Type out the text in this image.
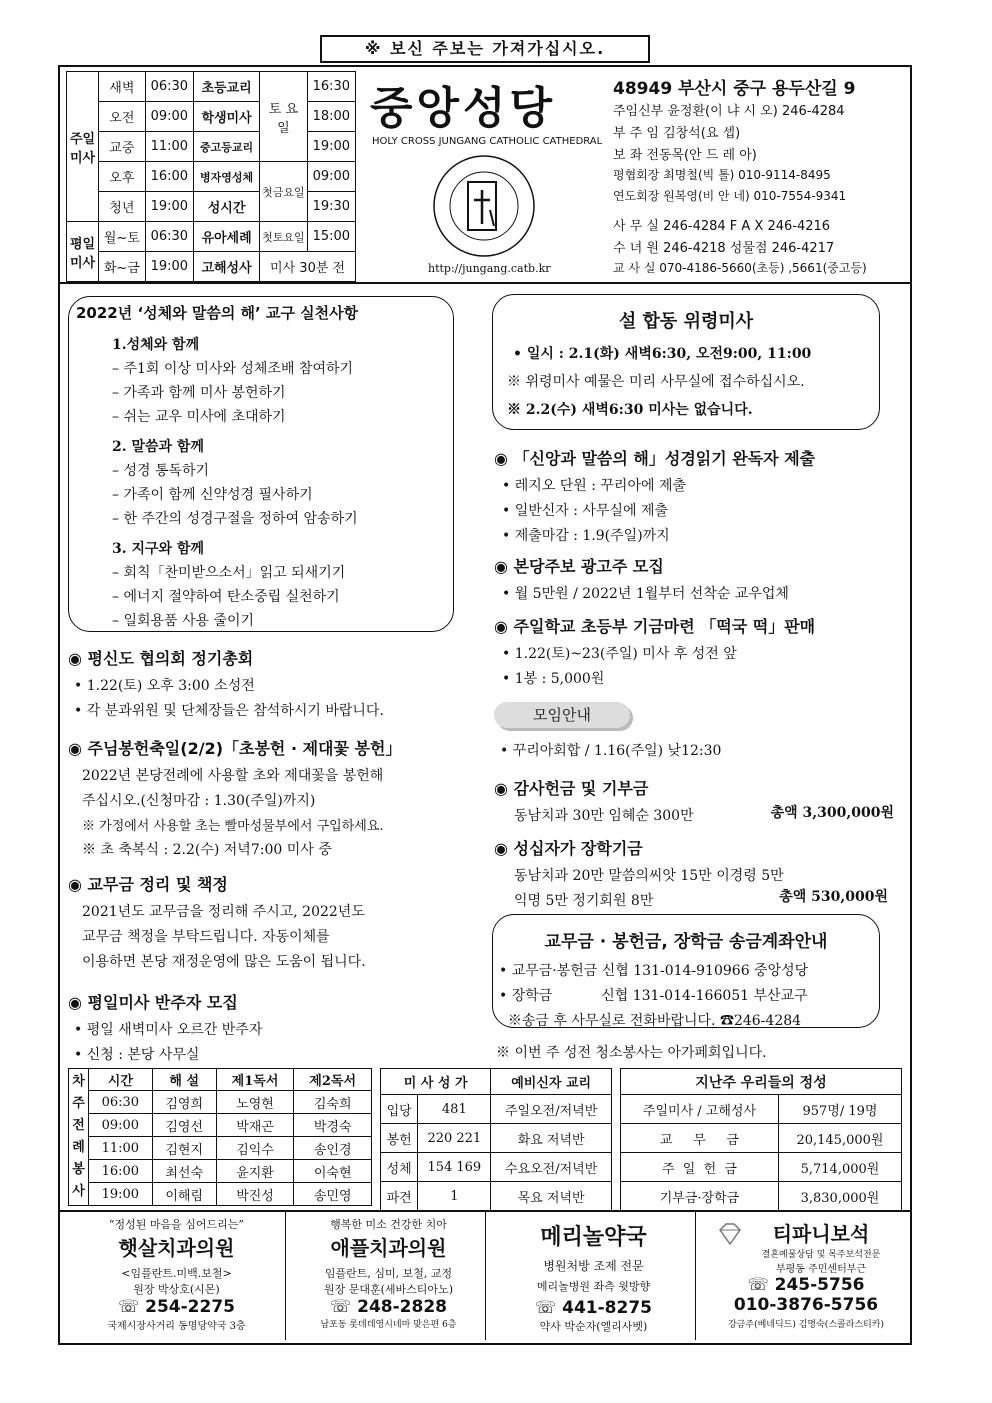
※ 보신 주보는 가져가십시오.
주일 미사	새벽	06:30	초등교리	토 요 일	16:30
	오전	09:00	학생미사		18:00
	교중	11:00	중고등교리		19:00
	오후	16:00	병자영성체	첫금요일	09:00
	청년	19:00	성시간		19:30
평일 미사	월~토	06:30	유아세례	첫토요일	15:00
	화~금	19:00	고해성사	미사 30분 전	
중앙성당
HOLY CROSS JUNGANG CATHOLIC CATHEDRAL
http://jungang.catb.kr
48949 부산시 중구 용두산길 9
주임신부 윤정환(이 냐 시 오) 246-4284
부 주 임 김창석(요 셉)
보 좌 전동목(안 드 레 아)
평협회장 최명철(빅 톨) 010-9114-8495
연도회장 원복영(비 안 네) 010-7554-9341
사 무 실 246-4284 F A X 246-4216
수 녀 원 246-4218 성물점 246-4217
교 사 실 070-4186-5660(초등) ,5661(중고등)
2022년 ‘성체와 말씀의 해’ 교구 실천사항
1.성체와 함께
– 주1회 이상 미사와 성체조배 참여하기
– 가족과 함께 미사 봉헌하기
– 쉬는 교우 미사에 초대하기
2. 말씀과 함께
– 성경 통독하기
– 가족이 함께 신약성경 필사하기
– 한 주간의 성경구절을 정하여 암송하기
3. 지구와 함께
– 회칙「찬미받으소서」읽고 되새기기
– 에너지 절약하여 탄소중립 실천하기
– 일회용품 사용 줄이기
◉ 평신도 협의회 정기총회
• 1.22(토) 오후 3:00 소성전
• 각 분과위원 및 단체장들은 참석하시기 바랍니다.
◉ 주님봉헌축일(2/2)「초봉헌 · 제대꽃 봉헌」
2022년 본당전례에 사용할 초와 제대꽃을 봉헌해
주십시오.(신청마감 : 1.30(주일)까지)
※ 가정에서 사용할 초는 빨마성물부에서 구입하세요.
※ 초 축복식 : 2.2(수) 저녁7:00 미사 중
◉ 교무금 정리 및 책정
2021년도 교무금을 정리해 주시고, 2022년도
교무금 책정을 부탁드립니다. 자동이체를
이용하면 본당 재정운영에 많은 도움이 됩니다.
◉ 평일미사 반주자 모집
• 평일 새벽미사 오르간 반주자
• 신청 : 본당 사무실
설 합동 위령미사
• 일시 : 2.1(화) 새벽6:30, 오전9:00, 11:00
※ 위령미사 예물은 미리 사무실에 접수하십시오.
※ 2.2(수) 새벽6:30 미사는 없습니다.
◉ 「신앙과 말씀의 해」성경읽기 완독자 제출
• 레지오 단원 : 꾸리아에 제출
• 일반신자 : 사무실에 제출
• 제출마감 : 1.9(주일)까지
◉ 본당주보 광고주 모집
• 월 5만원 / 2022년 1월부터 선착순 교우업체
◉ 주일학교 초등부 기금마련 「떡국 떡」판매
• 1.22(토)~23(주일) 미사 후 성전 앞
• 1봉 : 5,000원
모임안내
• 꾸리아회합 / 1.16(주일) 낮12:30
◉ 감사헌금 및 기부금
동남치과 30만 임혜순 300만	총액 3,300,000원
◉ 성십자가 장학기금
동남치과 20만 말씀의씨앗 15만 이경령 5만
익명 5만 정기회원 8만	총액 530,000원
교무금 · 봉헌금, 장학금 송금계좌안내
• 교무금·봉헌금 신협 131-014-910966 중앙성당
• 장학금           신협 131-014-166051 부산교구
※송금 후 사무실로 전화바랍니다. ☎246-4284
※ 이번 주 성전 청소봉사는 아가페회입니다.
차 주 전 례 봉 사	시간	해 설	제1독서	제2독서
	06:30	김영희	노영현	김숙희
	09:00	김영선	박재곤	박경숙
	11:00	김현지	김익수	송인경
	16:00	최선숙	윤지환	이숙현
	19:00	이해림	박진성	송민영
미 사 성 가		예비신자 교리
입당	481	주일오전/저녁반
봉헌	220 221	화요 저녁반
성체	154 169	수요오전/저녁반
파견	1	목요 저녁반
지난주 우리들의 정성	
주일미사 / 고해성사	957명/ 19명
교     무     금	20,145,000원
주  일  헌  금	5,714,000원
기부금·장학금	3,830,000원
“정성된 마음을 심어드리는”
햇살치과의원
<임플란트.미백.보철>
원장 박상호(시몬)
☏ 254-2275
국제시장사거리 동명당약국 3층
행복한 미소 건강한 치아
애플치과의원
임플란트, 심미, 보철, 교정
원장 문대훈(세바스티아노)
☏ 248-2828
남포동 롯데데영시네마 맞은편 6층
메리놀약국
병원처방 조제 전문
메리놀병원 좌측 윗방향
☏ 441-8275
약사 박순자(엘리사벳)
티파니보석
결혼예물상담 및 목주보석전문
부평동 주민센터부근
☏ 245-5756
010-3876-5756
강금주(베네딕드) 김명숙(스콜라스티카)
